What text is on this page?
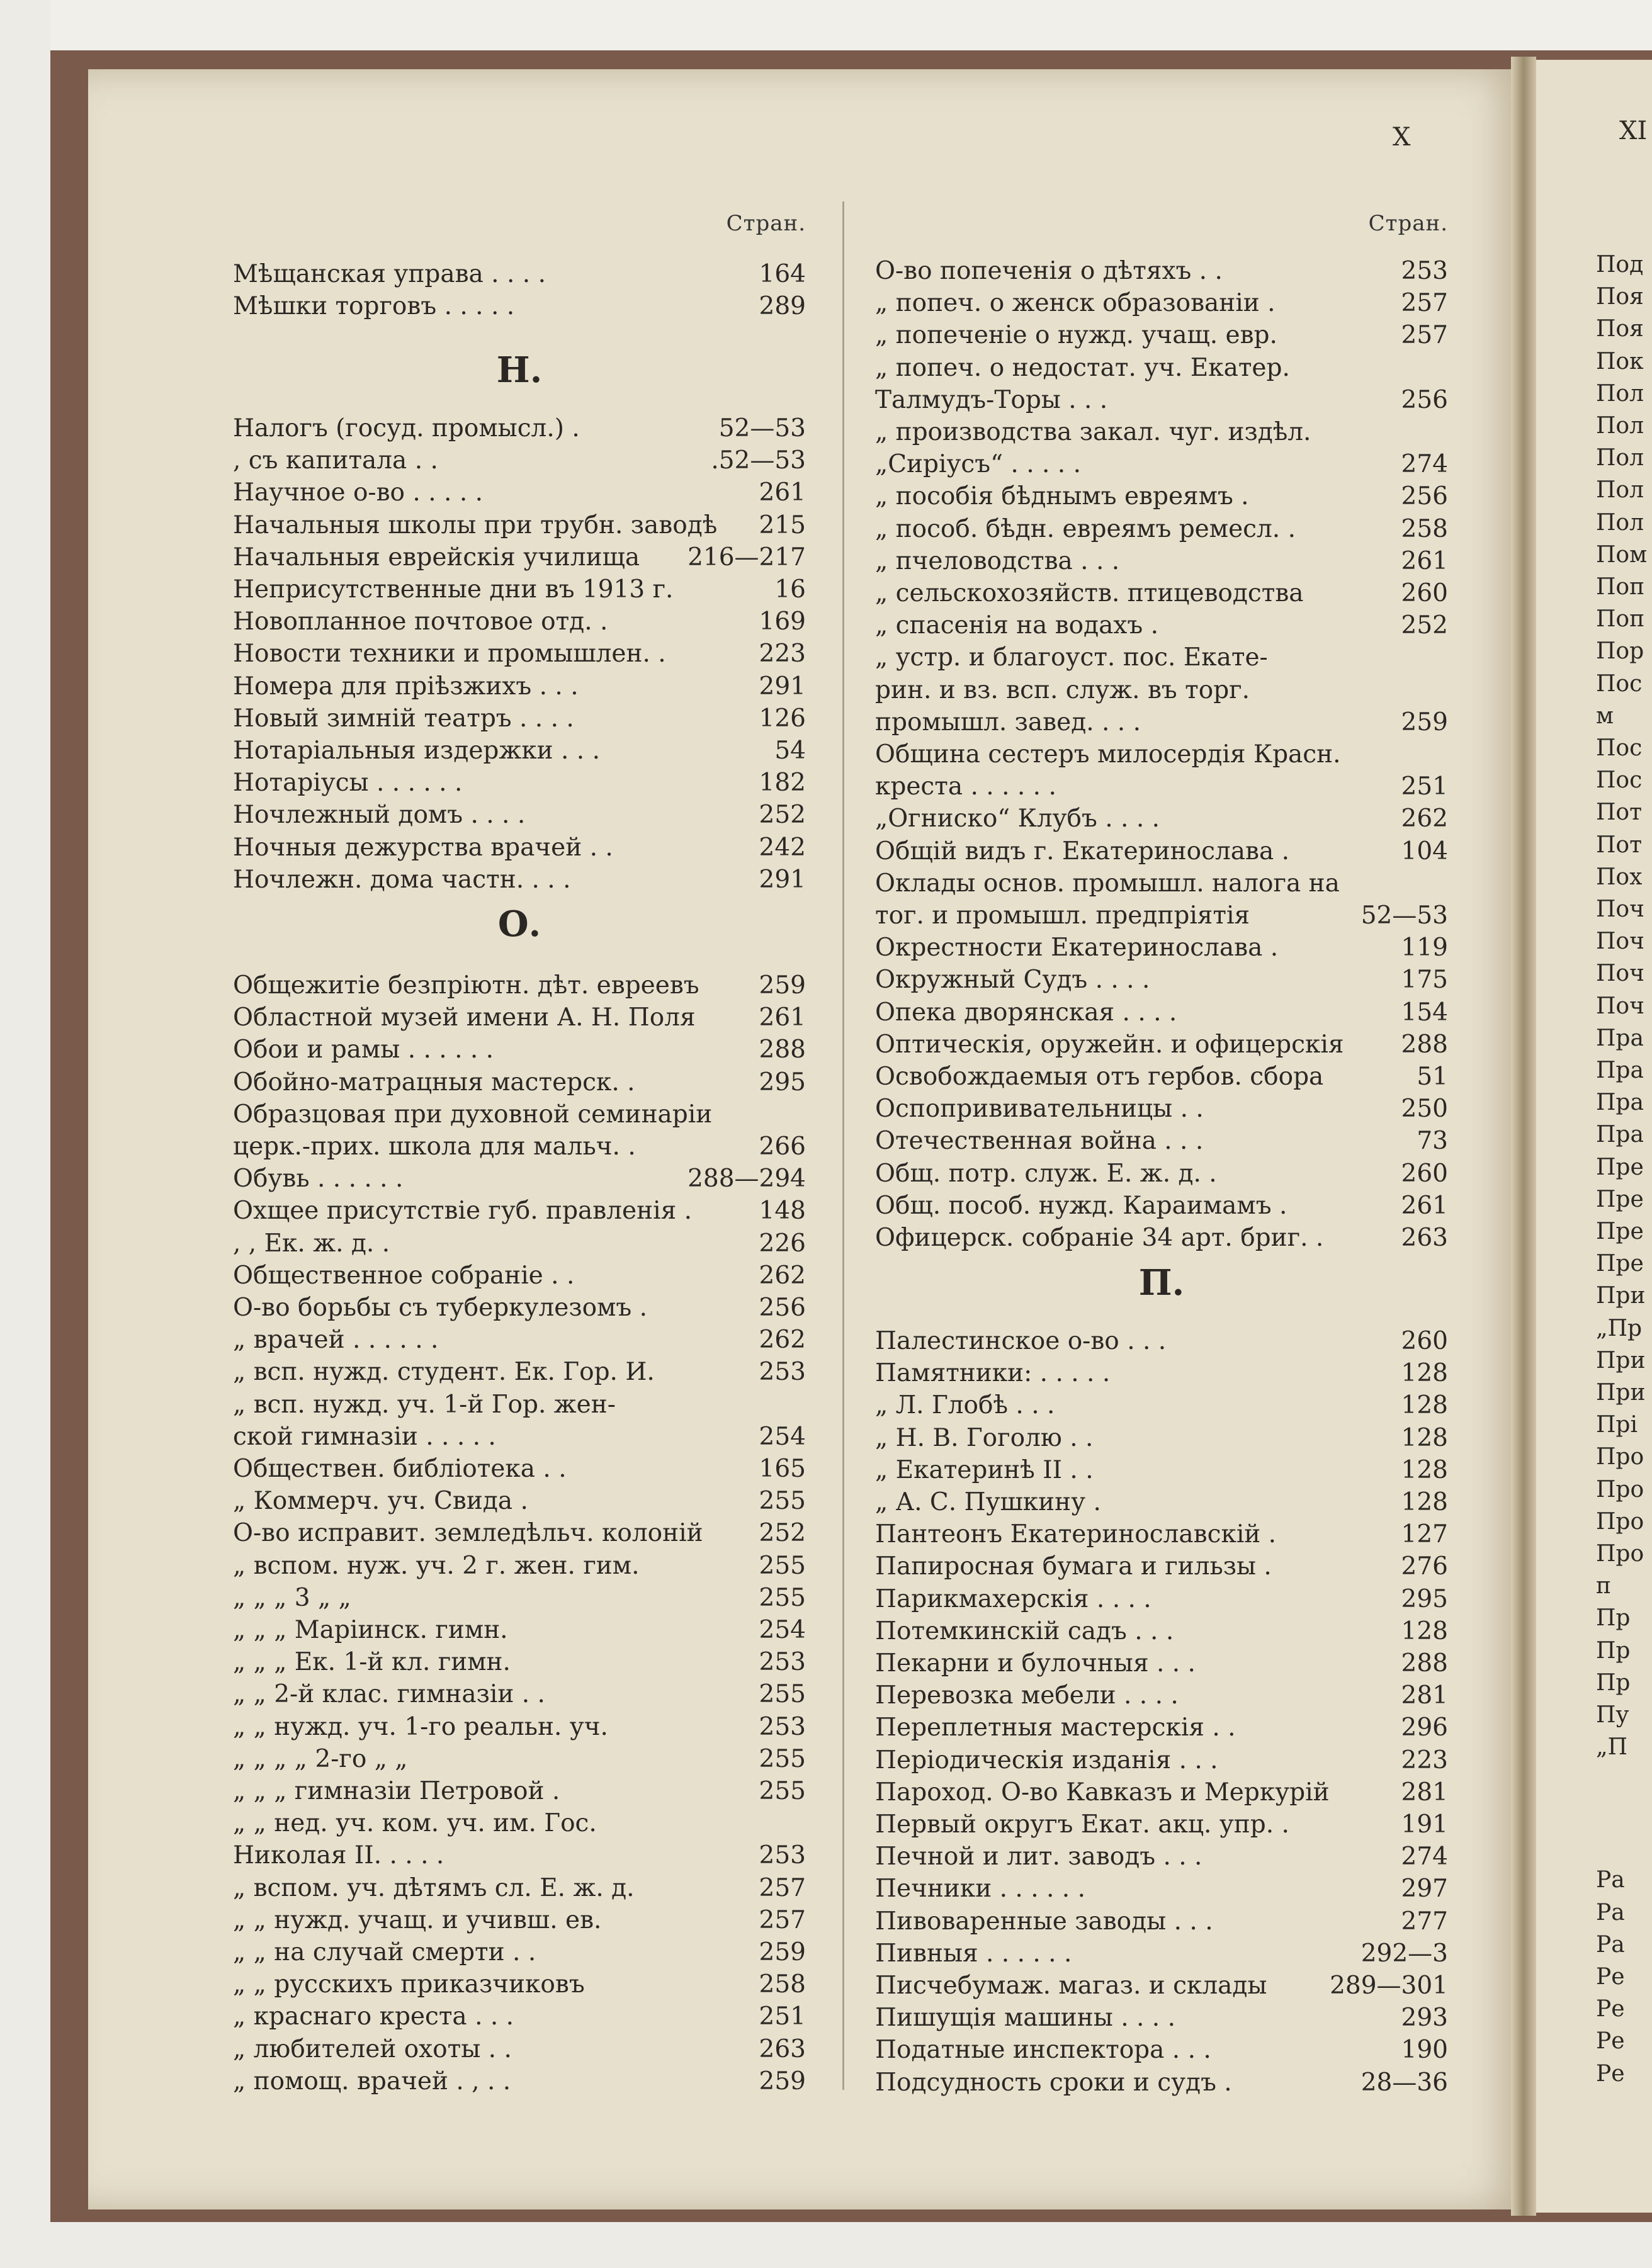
Под
Поя
Поя
Пок
Пол
Пол
Пол
Пол
Пол
Пом
Поп
Поп
Пор
Пос
м
Пос
Пос
Пот
Пот
Пох
Поч
Поч
Поч
Поч
Пра
Пра
Пра
Пра
Пре
Пре
Пре
Пре
При
„Пр
При
При
Прі
Про
Про
Про
Про
п
Пр
Пр
Пр
Пу
„П
Ра
Ра
Ра
Ре
Ре
Ре
Ре
X	XI
Стран.
Мѣщанская управа . . . .	164
Мѣшки торговъ . . . . .	289
Н.
Налогъ (госуд. промысл.) .	52—53
, съ капитала . .	.52—53
Научное о-во . . . . .	261
Начальныя школы при трубн. заводѣ 215
Начальныя еврейскія училища 216—217
Неприсутственные дни въ 1913 г.	16
Новопланное почтовое отд. .	169
Новости техники и промышлен. .	223
Номера для пріѣзжихъ . . .	291
Новый зимній театръ . . . .	126
Нотаріальныя издержки . . .	54
Нотаріусы . . . . . .	182
Ночлежный домъ . . . .	252
Ночныя дежурства врачей . .	242
Ночлежн. дома частн. . . .	291
О.
Общежитіе безпріютн. дѣт. евреевъ 259
Областной музей имени А. Н. Поля	261
Обои и рамы . . . . . .	288
Обойно-матрацныя мастерск. .	295
Образцовая при духовной семинаріи
церк.-прих. школа для мальч. .	266
Обувь . . . . . .	288—294
Охщее присутствіе губ. правленія .	148
, , Ек. ж. д. .	226
Общественное собраніе . .	262
О-во борьбы съ туберкулезомъ .	256
„ врачей . . . . . .	262
„ всп. нужд. студент. Ек. Гор. И.	253
„ всп. нужд. уч. 1-й Гор. жен-
ской гимназіи . . . . .	254
Обществен. библіотека . .	165
„ Коммерч. уч. Свида .	255
О-во исправит. земледѣльч. колоній 252
„ вспом. нуж. уч. 2 г. жен. гим.	255
„ „ „ 3 „ „	255
„ „ „ Маріинск. гимн.	254
„ „ „ Ек. 1-й кл. гимн.	253
„ „ 2-й клас. гимназіи . .	255
„ „ нужд. уч. 1-го реальн. уч.	253
„ „ „ „ 2-го „ „	255
„ „ „ гимназіи Петровой .	255
„ „ нед. уч. ком. уч. им. Гос.
Николая II. . . . .	253
„ вспом. уч. дѣтямъ сл. Е. ж. д.	257
„ „ нужд. учащ. и учивш. ев.	257
„ „ на случай смерти . .	259
„ „ русскихъ приказчиковъ	258
„ краснаго креста . . .	251
„ любителей охоты . .	263
„ помощ. врачей . , . .	259
Стран.
О-во попеченія о дѣтяхъ . .	253
„ попеч. о женск образованіи .	257
„ попеченіе о нужд. учащ. евр.	257
„ попеч. о недостат. уч. Екатер.
Талмудъ-Торы . . .	256
„ производства закал. чуг. издѣл.
„Сиріусъ“ . . . . .	274
„ пособія бѣднымъ евреямъ .	256
„ пособ. бѣдн. евреямъ ремесл. .	258
„ пчеловодства . . .	261
„ сельскохозяйств. птицеводства	260
„ спасенія на водахъ .	252
„ устр. и благоуст. пос. Екате-
рин. и вз. всп. служ. въ торг.
промышл. завед. . . .	259
Община сестеръ милосердія Красн.
креста . . . . . .	251
„Огниско“ Клубъ . . . .	262
Общій видъ г. Екатеринослава .	104
Оклады основ. промышл. налога на
тог. и промышл. предпріятія	52—53
Окрестности Екатеринослава .	119
Окружный Судъ . . . .	175
Опека дворянская . . . .	154
Оптическія, оружейн. и офицерскія 288
Освобождаемыя отъ гербов. сбора	51
Оспопрививательницы . .	250
Отечественная война . . .	73
Общ. потр. служ. Е. ж. д. .	260
Общ. пособ. нужд. Караимамъ .	261
Офицерск. собраніе 34 арт. бриг. .	263
П.
Палестинское о-во . . .	260
Памятники: . . . . .	128
„ Л. Глобѣ . . .	128
„ Н. В. Гоголю . .	128
„ Екатеринѣ II . .	128
„ А. С. Пушкину .	128
Пантеонъ Екатеринославскій .	127
Папиросная бумага и гильзы .	276
Парикмахерскія . . . .	295
Потемкинскій садъ . . .	128
Пекарни и булочныя . . .	288
Перевозка мебели . . . .	281
Переплетныя мастерскія . .	296
Періодическія изданія . . .	223
Пароход. О-во Кавказъ и Меркурій	281
Первый округъ Екат. акц. упр. .	191
Печной и лит. заводъ . . .	274
Печники . . . . . .	297
Пивоваренные заводы . . .	277
Пивныя . . . . . .	292—3
Писчебумаж. магаз. и склады	289—301
Пишущія машины . . . .	293
Податные инспектора . . .	190
Подсудность сроки и судъ .	28—36
